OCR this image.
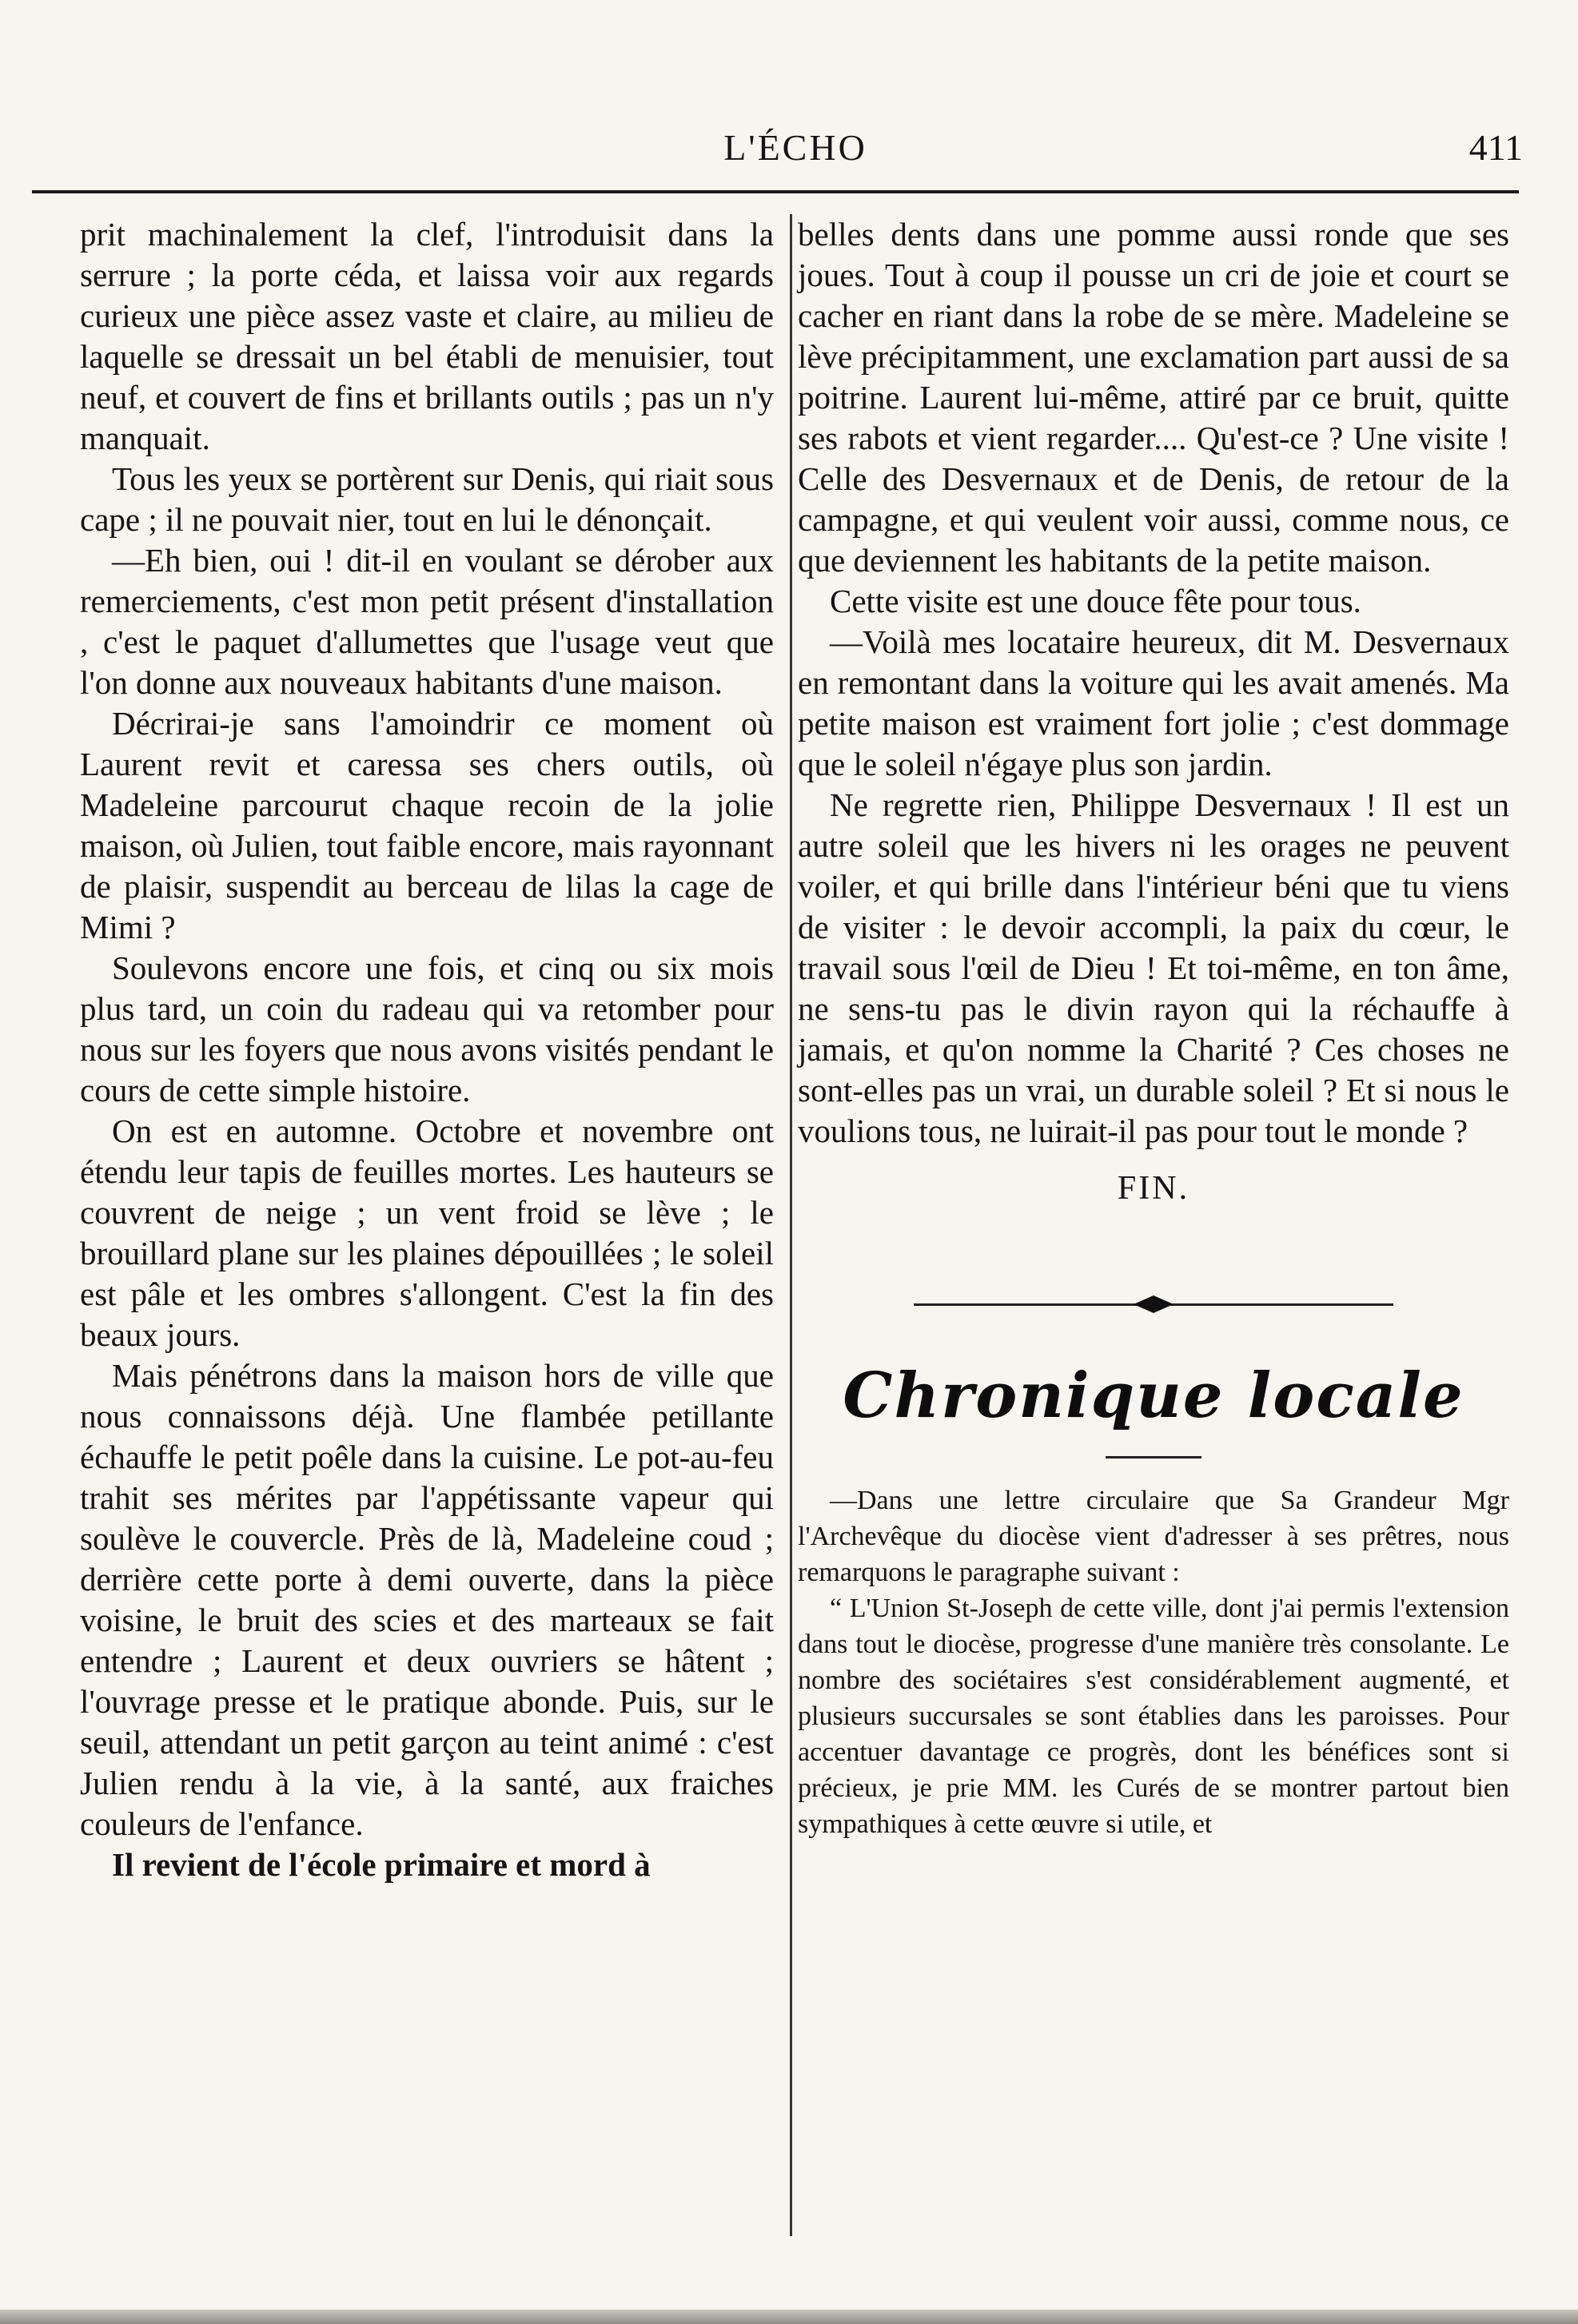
L'ÉCHO	411

prit machinalement la clef, l'introduisit dans la serrure ; la porte céda, et laissa voir aux regards curieux une pièce assez vaste et claire, au milieu de laquelle se dressait un bel établi de menuisier, tout neuf, et couvert de fins et brillants outils ; pas un n'y manquait.

Tous les yeux se portèrent sur Denis, qui riait sous cape ; il ne pouvait nier, tout en lui le dénonçait.

—Eh bien, oui ! dit-il en voulant se dérober aux remerciements, c'est mon petit présent d'installation , c'est le paquet d'allumettes que l'usage veut que l'on donne aux nouveaux habitants d'une maison.

Décrirai-je sans l'amoindrir ce moment où Laurent revit et caressa ses chers outils, où Madeleine parcourut chaque recoin de la jolie maison, où Julien, tout faible encore, mais rayonnant de plaisir, suspendit au berceau de lilas la cage de Mimi ?

Soulevons encore une fois, et cinq ou six mois plus tard, un coin du radeau qui va retomber pour nous sur les foyers que nous avons visités pendant le cours de cette simple histoire.

On est en automne. Octobre et novembre ont étendu leur tapis de feuilles mortes. Les hauteurs se couvrent de neige ; un vent froid se lève ; le brouillard plane sur les plaines dépouillées ; le soleil est pâle et les ombres s'allongent. C'est la fin des beaux jours.

Mais pénétrons dans la maison hors de ville que nous connaissons déjà. Une flambée petillante échauffe le petit poêle dans la cuisine. Le pot-au-feu trahit ses mérites par l'appétissante vapeur qui soulève le couvercle. Près de là, Madeleine coud ; derrière cette porte à demi ouverte, dans la pièce voisine, le bruit des scies et des marteaux se fait entendre ; Laurent et deux ouvriers se hâtent ; l'ouvrage presse et le pratique abonde. Puis, sur le seuil, attendant un petit garçon au teint animé : c'est Julien rendu à la vie, à la santé, aux fraiches couleurs de l'enfance.

Il revient de l'école primaire et mord à

belles dents dans une pomme aussi ronde que ses joues. Tout à coup il pousse un cri de joie et court se cacher en riant dans la robe de se mère. Madeleine se lève précipitamment, une exclamation part aussi de sa poitrine. Laurent lui-même, attiré par ce bruit, quitte ses rabots et vient regarder.... Qu'est-ce ? Une visite ! Celle des Desvernaux et de Denis, de retour de la campagne, et qui veulent voir aussi, comme nous, ce que deviennent les habitants de la petite maison.

Cette visite est une douce fête pour tous.

—Voilà mes locataire heureux, dit M. Desvernaux en remontant dans la voiture qui les avait amenés. Ma petite maison est vraiment fort jolie ; c'est dommage que le soleil n'égaye plus son jardin.

Ne regrette rien, Philippe Desvernaux ! Il est un autre soleil que les hivers ni les orages ne peuvent voiler, et qui brille dans l'intérieur béni que tu viens de visiter : le devoir accompli, la paix du cœur, le travail sous l'œil de Dieu ! Et toi-même, en ton âme, ne sens-tu pas le divin rayon qui la réchauffe à jamais, et qu'on nomme la Charité ? Ces choses ne sont-elles pas un vrai, un durable soleil ? Et si nous le voulions tous, ne luirait-il pas pour tout le monde ?

FIN.
Chronique locale

—Dans une lettre circulaire que Sa Grandeur Mgr l'Archevêque du diocèse vient d'adresser à ses prêtres, nous remarquons le paragraphe suivant :

“ L'Union St-Joseph de cette ville, dont j'ai permis l'extension dans tout le diocèse, progresse d'une manière très consolante. Le nombre des sociétaires s'est considérablement augmenté, et plusieurs succursales se sont établies dans les paroisses. Pour accentuer davantage ce progrès, dont les bénéfices sont si précieux, je prie MM. les Curés de se montrer partout bien sympathiques à cette œuvre si utile, et
